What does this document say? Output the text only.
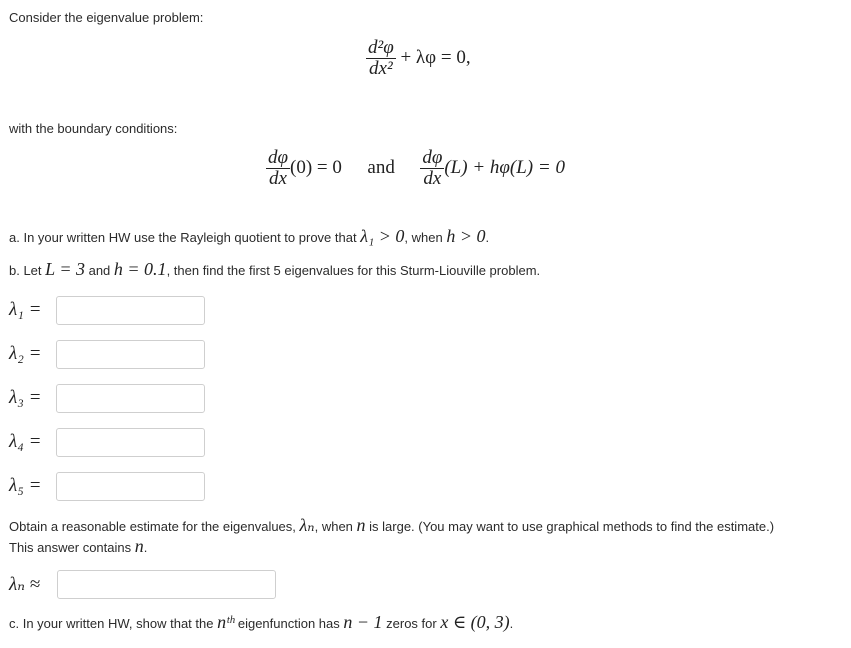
Consider the eigenvalue problem:
$\frac{\text{d²φ}}{\text{dx²}} + \lambda\varphi = 0$,
with the boundary conditions:
$\frac{d\varphi}{dx} (0) = 0$ and $\frac{d\varphi}{dx} (L) + h\varphi(L) = 0$
a. In your written HW use the Rayleigh quotient to prove that λ₁ > 0, when h > 0.
b. Let L = 3 and h = 0.1, then find the first 5 eigenvalues for this Sturm-Liouville problem.
λ₁ =
λ₂ =
λ₃ =
λ₄ =
λ₅ =
Obtain a reasonable estimate for the eigenvalues, λₙ, when n is large. (You may want to use graphical methods to find the estimate.)
This answer contains n.
λₙ ≈
c. In your written HW, show that the nᵗʰ eigenfunction has n − 1 zeros for x ∈ (0, 3).
